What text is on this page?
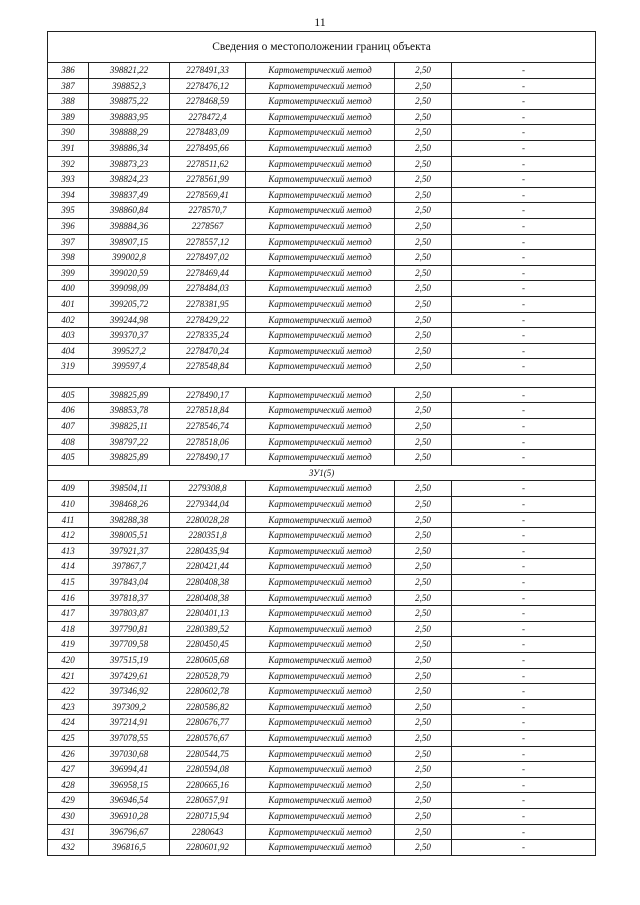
11
Сведения о местоположении границ объекта					
386	398821,22	2278491,33	Картометрический метод	2,50	-
387	398852,3	2278476,12	Картометрический метод	2,50	-
388	398875,22	2278468,59	Картометрический метод	2,50	-
389	398883,95	2278472,4	Картометрический метод	2,50	-
390	398888,29	2278483,09	Картометрический метод	2,50	-
391	398886,34	2278495,66	Картометрический метод	2,50	-
392	398873,23	2278511,62	Картометрический метод	2,50	-
393	398824,23	2278561,99	Картометрический метод	2,50	-
394	398837,49	2278569,41	Картометрический метод	2,50	-
395	398860,84	2278570,7	Картометрический метод	2,50	-
396	398884,36	2278567	Картометрический метод	2,50	-
397	398907,15	2278557,12	Картометрический метод	2,50	-
398	399002,8	2278497,02	Картометрический метод	2,50	-
399	399020,59	2278469,44	Картометрический метод	2,50	-
400	399098,09	2278484,03	Картометрический метод	2,50	-
401	399205,72	2278381,95	Картометрический метод	2,50	-
402	399244,98	2278429,22	Картометрический метод	2,50	-
403	399370,37	2278335,24	Картометрический метод	2,50	-
404	399527,2	2278470,24	Картометрический метод	2,50	-
319	399597,4	2278548,84	Картометрический метод	2,50	-

405	398825,89	2278490,17	Картометрический метод	2,50	-
406	398853,78	2278518,84	Картометрический метод	2,50	-
407	398825,11	2278546,74	Картометрический метод	2,50	-
408	398797,22	2278518,06	Картометрический метод	2,50	-
405	398825,89	2278490,17	Картометрический метод	2,50	-
ЗУ1(5)					
409	398504,11	2279308,8	Картометрический метод	2,50	-
410	398468,26	2279344,04	Картометрический метод	2,50	-
411	398288,38	2280028,28	Картометрический метод	2,50	-
412	398005,51	2280351,8	Картометрический метод	2,50	-
413	397921,37	2280435,94	Картометрический метод	2,50	-
414	397867,7	2280421,44	Картометрический метод	2,50	-
415	397843,04	2280408,38	Картометрический метод	2,50	-
416	397818,37	2280408,38	Картометрический метод	2,50	-
417	397803,87	2280401,13	Картометрический метод	2,50	-
418	397790,81	2280389,52	Картометрический метод	2,50	-
419	397709,58	2280450,45	Картометрический метод	2,50	-
420	397515,19	2280605,68	Картометрический метод	2,50	-
421	397429,61	2280528,79	Картометрический метод	2,50	-
422	397346,92	2280602,78	Картометрический метод	2,50	-
423	397309,2	2280586,82	Картометрический метод	2,50	-
424	397214,91	2280676,77	Картометрический метод	2,50	-
425	397078,55	2280576,67	Картометрический метод	2,50	-
426	397030,68	2280544,75	Картометрический метод	2,50	-
427	396994,41	2280594,08	Картометрический метод	2,50	-
428	396958,15	2280665,16	Картометрический метод	2,50	-
429	396946,54	2280657,91	Картометрический метод	2,50	-
430	396910,28	2280715,94	Картометрический метод	2,50	-
431	396796,67	2280643	Картометрический метод	2,50	-
432	396816,5	2280601,92	Картометрический метод	2,50	-
